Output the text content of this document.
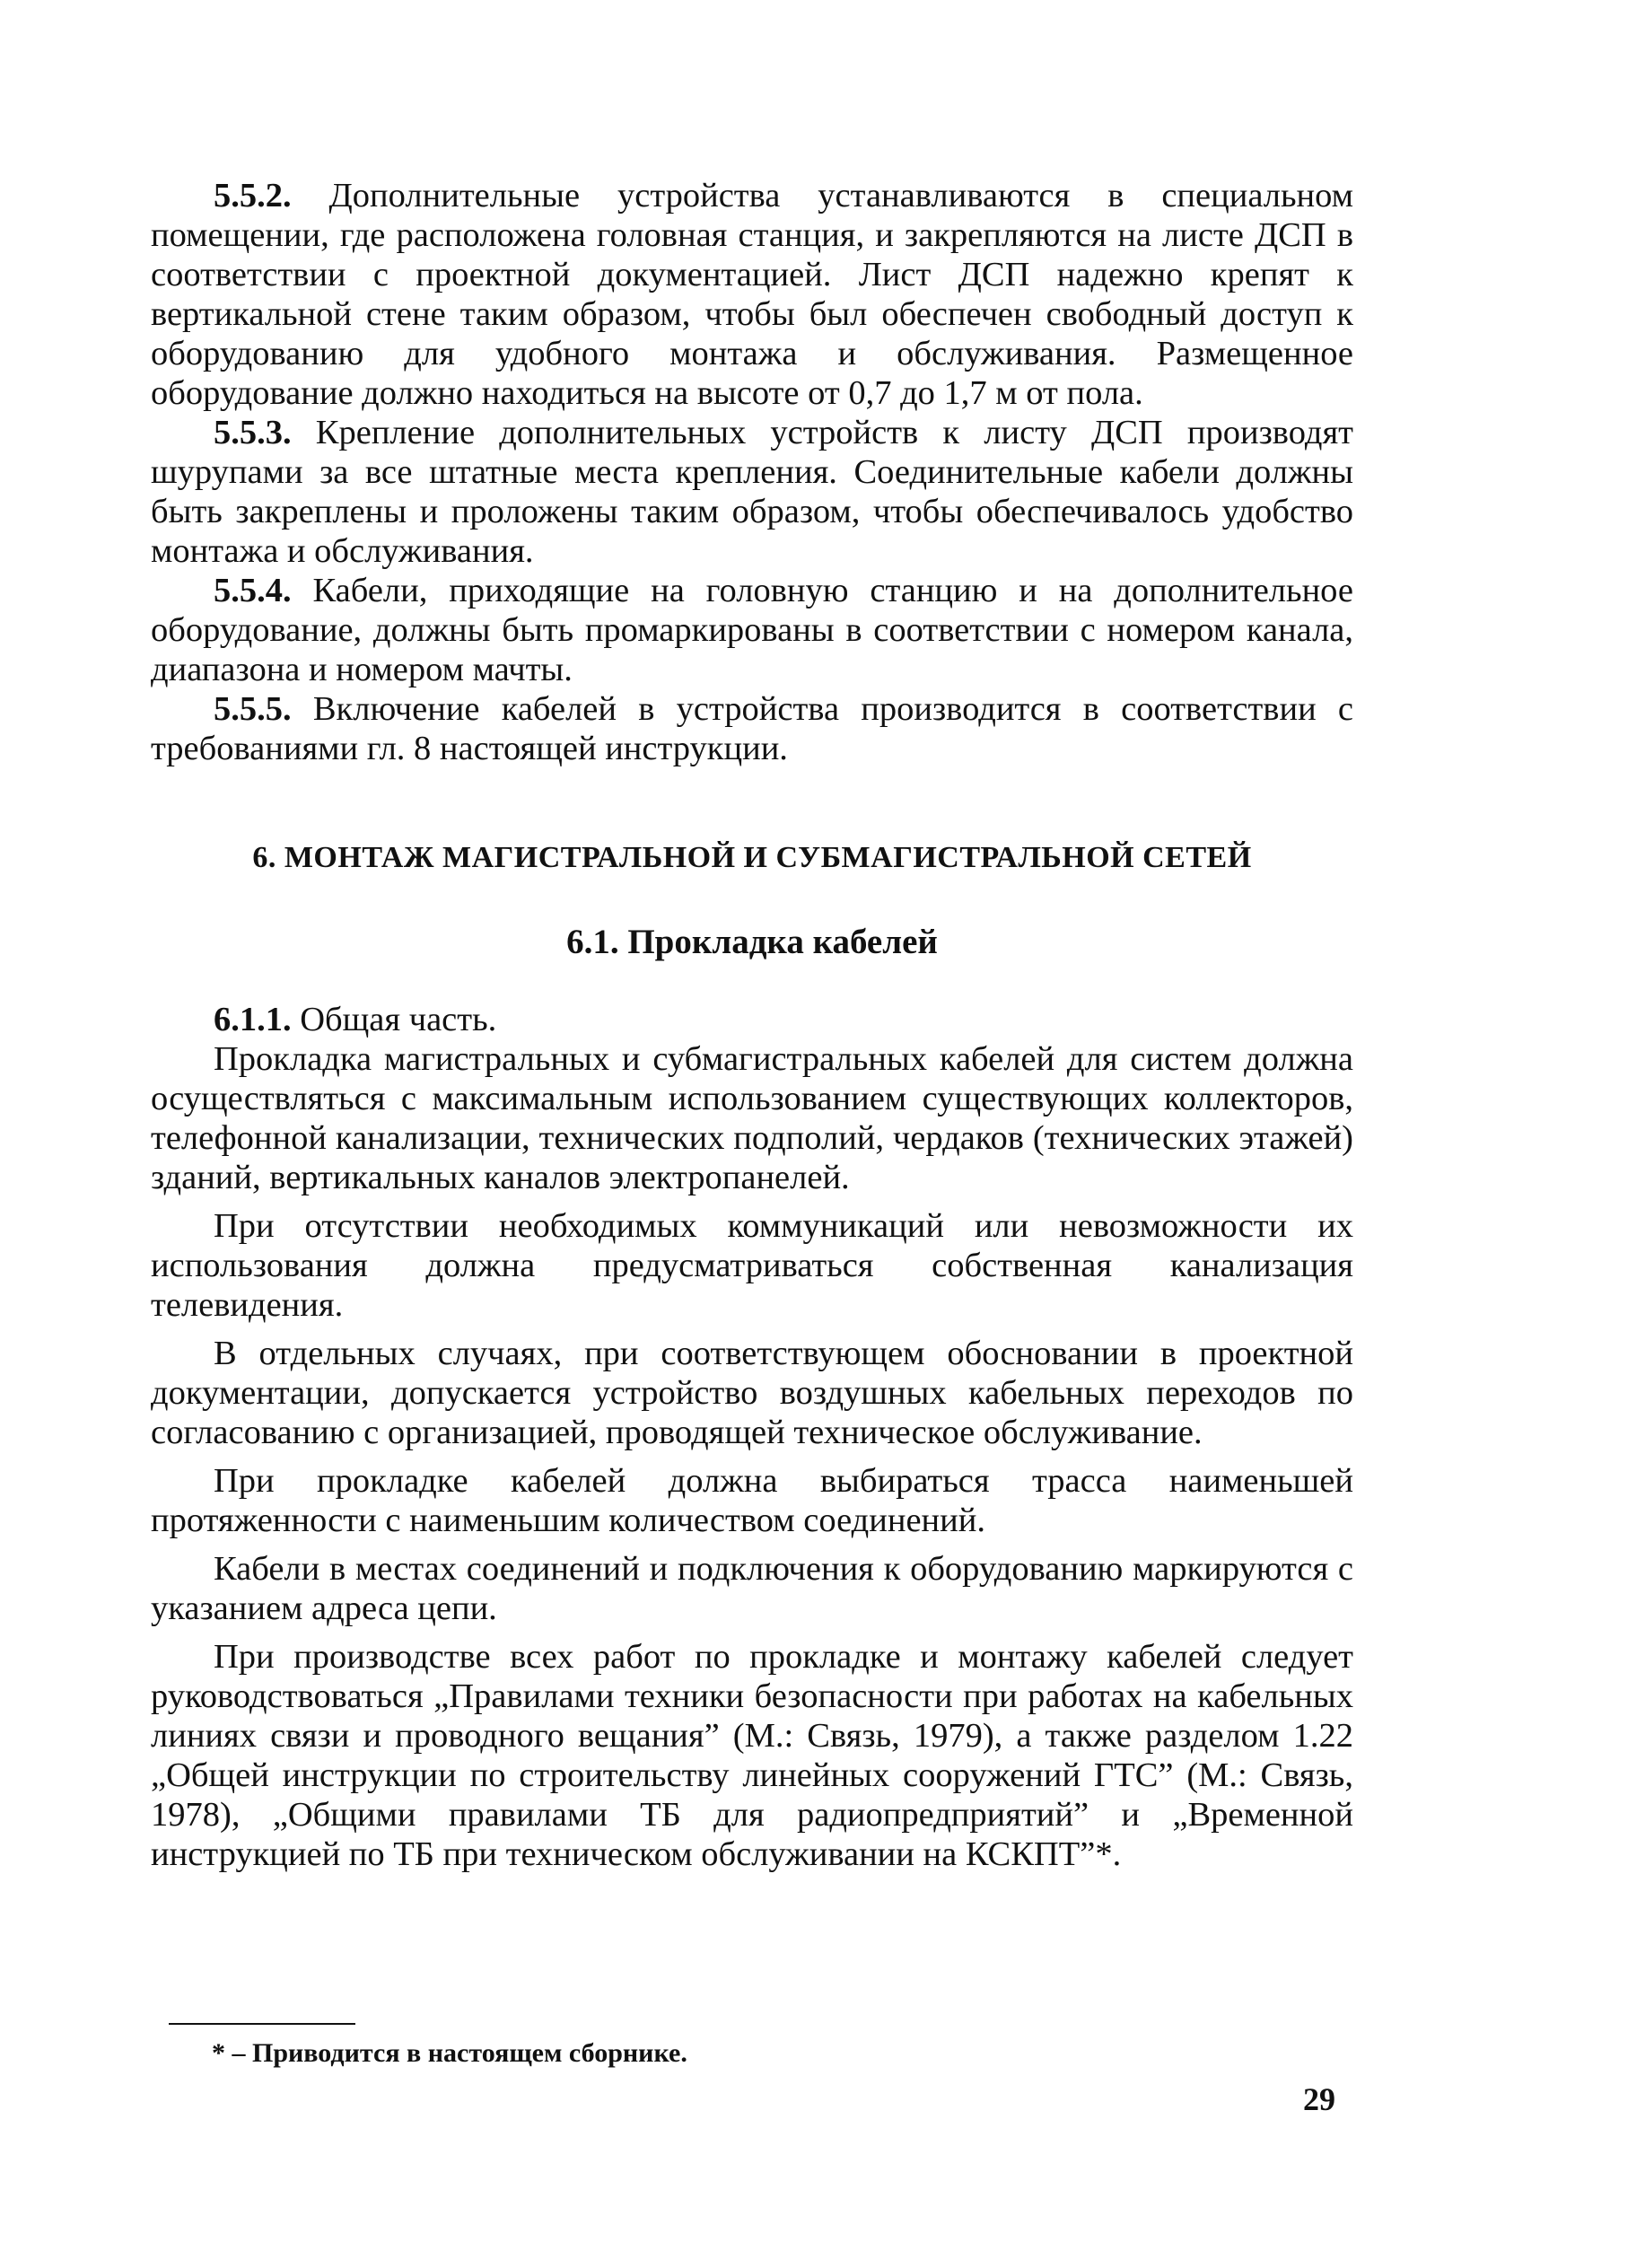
5.5.2. Дополнительные устройства устанавливаются в специальном помещении, где расположена головная станция, и закрепляются на листе ДСП в соответствии с проектной документацией. Лист ДСП надежно крепят к вертикальной стене таким образом, чтобы был обеспечен свободный доступ к оборудованию для удобного монтажа и обслуживания. Размещенное оборудование должно находиться на высоте от 0,7 до 1,7 м от пола.

5.5.3. Крепление дополнительных устройств к листу ДСП производят шурупами за все штатные места крепления. Соединительные кабели должны быть закреплены и проложены таким образом, чтобы обеспечивалось удобство монтажа и обслуживания.

5.5.4. Кабели, приходящие на головную станцию и на дополнительное оборудование, должны быть промаркированы в соответствии с номером канала, диапазона и номером мачты.

5.5.5. Включение кабелей в устройства производится в соответствии с требованиями гл. 8 настоящей инструкции.

6. МОНТАЖ МАГИСТРАЛЬНОЙ И СУБМАГИСТРАЛЬНОЙ СЕТЕЙ

6.1. Прокладка кабелей

6.1.1. Общая часть.

Прокладка магистральных и субмагистральных кабелей для систем должна осуществляться с максимальным использованием существующих коллекторов, телефонной канализации, технических подполий, чердаков (технических этажей) зданий, вертикальных каналов электропанелей.

При отсутствии необходимых коммуникаций или невозможности их использования должна предусматриваться собственная канализация телевидения.

В отдельных случаях, при соответствующем обосновании в проектной документации, допускается устройство воздушных кабельных переходов по согласованию с организацией, проводящей техническое обслуживание.

При прокладке кабелей должна выбираться трасса наименьшей протяженности с наименьшим количеством соединений.

Кабели в местах соединений и подключения к оборудованию маркируются с указанием адреса цепи.

При производстве всех работ по прокладке и монтажу кабелей следует руководствоваться „Правилами техники безопасности при работах на кабельных линиях связи и проводного вещания” (М.: Связь, 1979), а также разделом 1.22 „Общей инструкции по строительству линейных сооружений ГТС” (М.: Связь, 1978), „Общими правилами ТБ для радиопредприятий” и „Временной инструкцией по ТБ при техническом обслуживании на КСКПТ”*.

* – Приводится в настоящем сборнике.
29
